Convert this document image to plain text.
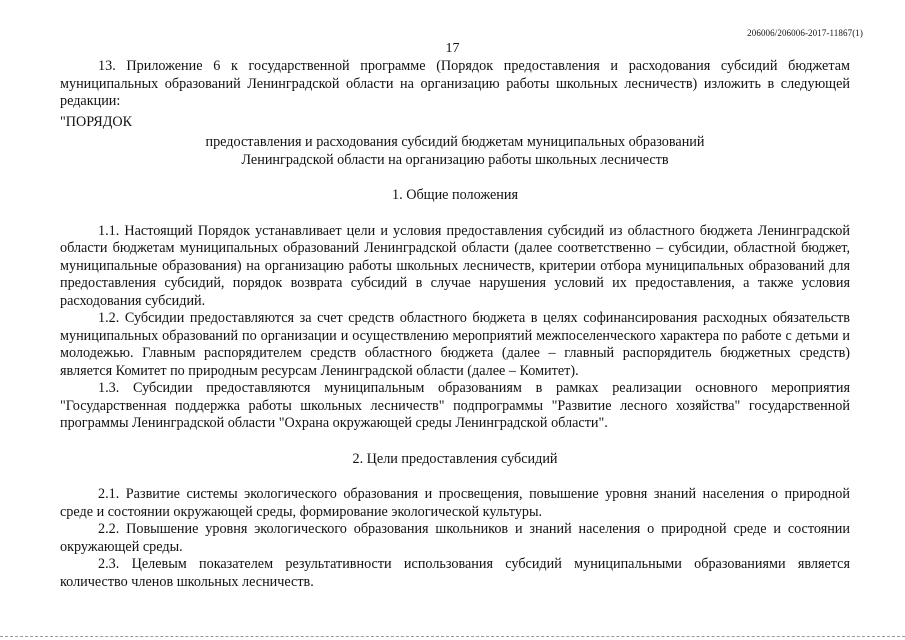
206006/206006-2017-11867(1)
17

13. Приложение 6 к государственной программе (Порядок предоставления и расходования субсидий бюджетам муниципальных образований Ленинградской области на организацию работы школьных лесничеств) изложить в следующей редакции:

"ПОРЯДОК

предоставления и расходования субсидий бюджетам муниципальных образований

Ленинградской области на организацию работы школьных лесничеств

1. Общие положения

1.1. Настоящий Порядок устанавливает цели и условия предоставления субсидий из областного бюджета Ленинградской области бюджетам муниципальных образований Ленинградской области (далее соответственно – субсидии, областной бюджет, муниципальные образования) на организацию работы школьных лесничеств, критерии отбора муниципальных образований для предоставления субсидий, порядок возврата субсидий в случае нарушения условий их предоставления, а также условия расходования субсидий.

1.2. Субсидии предоставляются за счет средств областного бюджета в целях софинансирования расходных обязательств муниципальных образований по организации и осуществлению мероприятий межпоселенческого характера по работе с детьми и молодежью. Главным распорядителем средств областного бюджета (далее – главный распорядитель бюджетных средств) является Комитет по природным ресурсам Ленинградской области (далее – Комитет).

1.3. Субсидии предоставляются муниципальным образованиям в рамках реализации основного мероприятия "Государственная поддержка работы школьных лесничеств" подпрограммы "Развитие лесного хозяйства" государственной программы Ленинградской области "Охрана окружающей среды Ленинградской области".

2. Цели предоставления субсидий

2.1. Развитие системы экологического образования и просвещения, повышение уровня знаний населения о природной среде и состоянии окружающей среды, формирование экологической культуры.

2.2. Повышение уровня экологического образования школьников и знаний населения о природной среде и состоянии окружающей среды.

2.3. Целевым показателем результативности использования субсидий муниципальными образованиями является количество членов школьных лесничеств.
